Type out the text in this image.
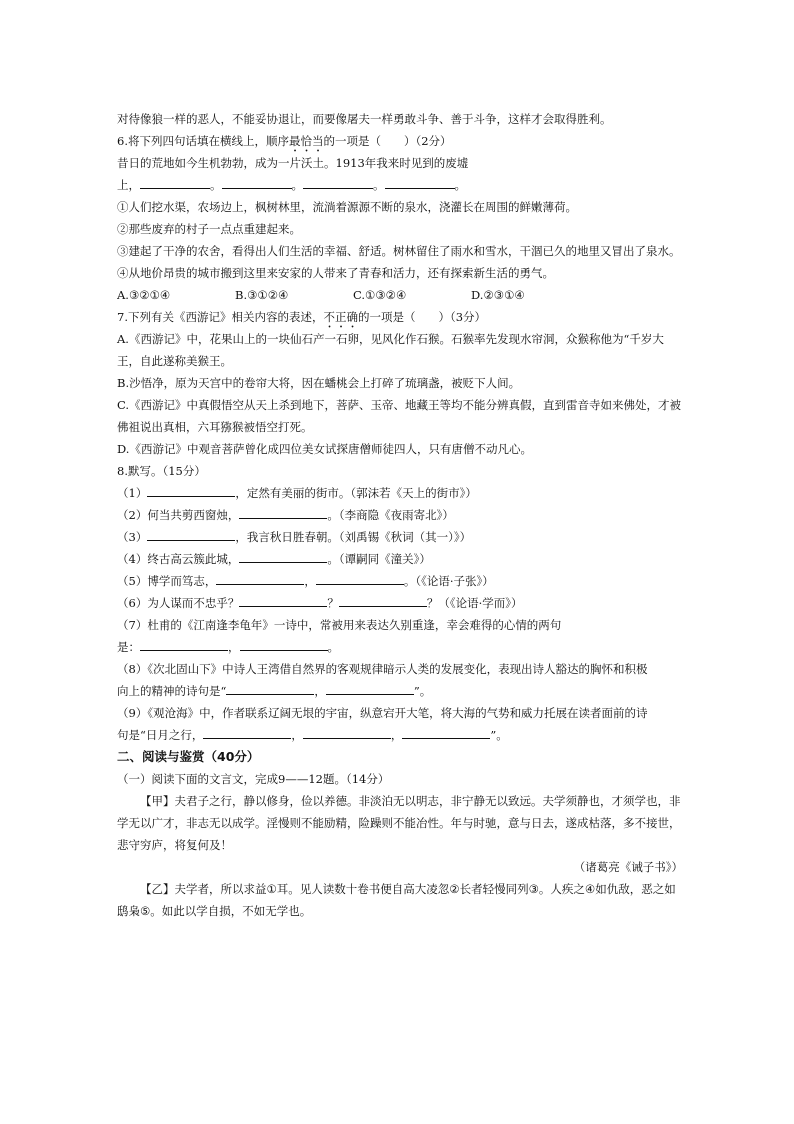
对待像狼一样的恶人，不能妥协退让，而要像屠夫一样勇敢斗争、善于斗争，这样才会取得胜利。
6.将下列四句话填在横线上，顺序最恰当的一项是（　　）（2分）
昔日的荒地如今生机勃勃，成为一片沃土。1913年我来时见到的废墟
上，	。	。	。	。
①人们挖水渠，农场边上，枫树林里，流淌着源源不断的泉水，浇灌长在周围的鲜嫩薄荷。
②那些废弃的村子一点点重建起来。
③建起了干净的农舍，看得出人们生活的幸福、舒适。树林留住了雨水和雪水，干涸已久的地里又冒出了泉水。
④从地价昂贵的城市搬到这里来安家的人带来了青春和活力，还有探索新生活的勇气。
A.③②①④	B.③①②④	C.①③②④	D.②③①④
7.下列有关《西游记》相关内容的表述，不正确的一项是（　　）（3分）
A.《西游记》中，花果山上的一块仙石产一石卵，见风化作石猴。石猴率先发现水帘洞，众猴称他为“千岁大王，自此遂称美猴王。
B.沙悟净，原为天宫中的卷帘大将，因在蟠桃会上打碎了琉璃盏，被贬下人间。
C.《西游记》中真假悟空从天上杀到地下，菩萨、玉帝、地藏王等均不能分辨真假，直到雷音寺如来佛处，才被佛祖说出真相，六耳猕猴被悟空打死。
D.《西游记》中观音菩萨曾化成四位美女试探唐僧师徒四人，只有唐僧不动凡心。
8.默写。（15分）
（1）	，定然有美丽的街市。（郭沫若《天上的街市》）
（2）何当共剪西窗烛，	。（李商隐《夜雨寄北》）
（3）	，我言秋日胜春朝。（刘禹锡《秋词（其一）》）
（4）终古高云簇此城，	。（谭嗣同《潼关》）
（5）博学而笃志，	，	。（《论语·子张》）
（6）为人谋而不忠乎？	？	？（《论语·学而》）
（7）杜甫的《江南逢李龟年》一诗中，常被用来表达久别重逢，幸会难得的心情的两句
是：	，	。
（8）《次北固山下》中诗人王湾借自然界的客观规律暗示人类的发展变化，表现出诗人豁达的胸怀和积极
向上的精神的诗句是“	，	”。
（9）《观沧海》中，作者联系辽阔无垠的宇宙，纵意宕开大笔，将大海的气势和威力托展在读者面前的诗
句是“日月之行，	，	，	”。
二、阅读与鉴赏（40分）
（一）阅读下面的文言文，完成9——12题。（14分）
【甲】夫君子之行，静以修身，俭以养德。非淡泊无以明志，非宁静无以致远。夫学须静也，才须学也，非学无以广才，非志无以成学。淫慢则不能励精，险躁则不能冶性。年与时驰，意与日去，遂成枯落，多不接世，悲守穷庐，将复何及！
（诸葛亮《诫子书》）
【乙】夫学者，所以求益①耳。见人读数十卷书便自高大凌忽②长者轻慢同列③。人疾之④如仇敌，恶之如鸱枭⑤。如此以学自损，不如无学也。
